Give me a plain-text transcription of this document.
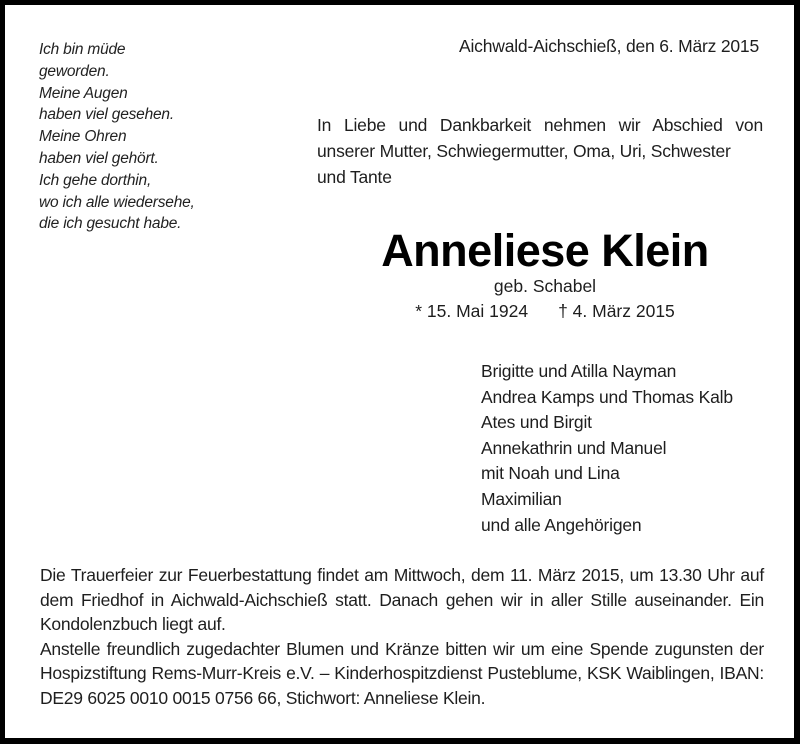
Ich bin müde
geworden.
Meine Augen
haben viel gesehen.
Meine Ohren
haben viel gehört.
Ich gehe dorthin,
wo ich alle wiedersehe,
die ich gesucht habe.
Aichwald-Aichschieß, den 6. März 2015
In Liebe und Dankbarkeit nehmen wir Abschied von unserer Mutter, Schwiegermutter, Oma, Uri, Schwester
und Tante
Anneliese Klein
geb. Schabel
* 15. Mai 1924 † 4. März 2015
Brigitte und Atilla Nayman
Andrea Kamps und Thomas Kalb
Ates und Birgit
Annekathrin und Manuel
mit Noah und Lina
Maximilian
und alle Angehörigen

Die Trauerfeier zur Feuerbestattung findet am Mittwoch, dem 11. März 2015, um 13.30 Uhr auf dem Friedhof in Aichwald-Aichschieß statt. Danach gehen wir in aller Stille auseinander. Ein Kondolenzbuch liegt auf.

Anstelle freundlich zugedachter Blumen und Kränze bitten wir um eine Spende zugunsten der Hospizstiftung Rems-Murr-Kreis e.V. – Kinderhospitzdienst Pusteblume, KSK Waiblingen, IBAN: DE29 6025 0010 0015 0756 66, Stichwort: Anneliese Klein.
